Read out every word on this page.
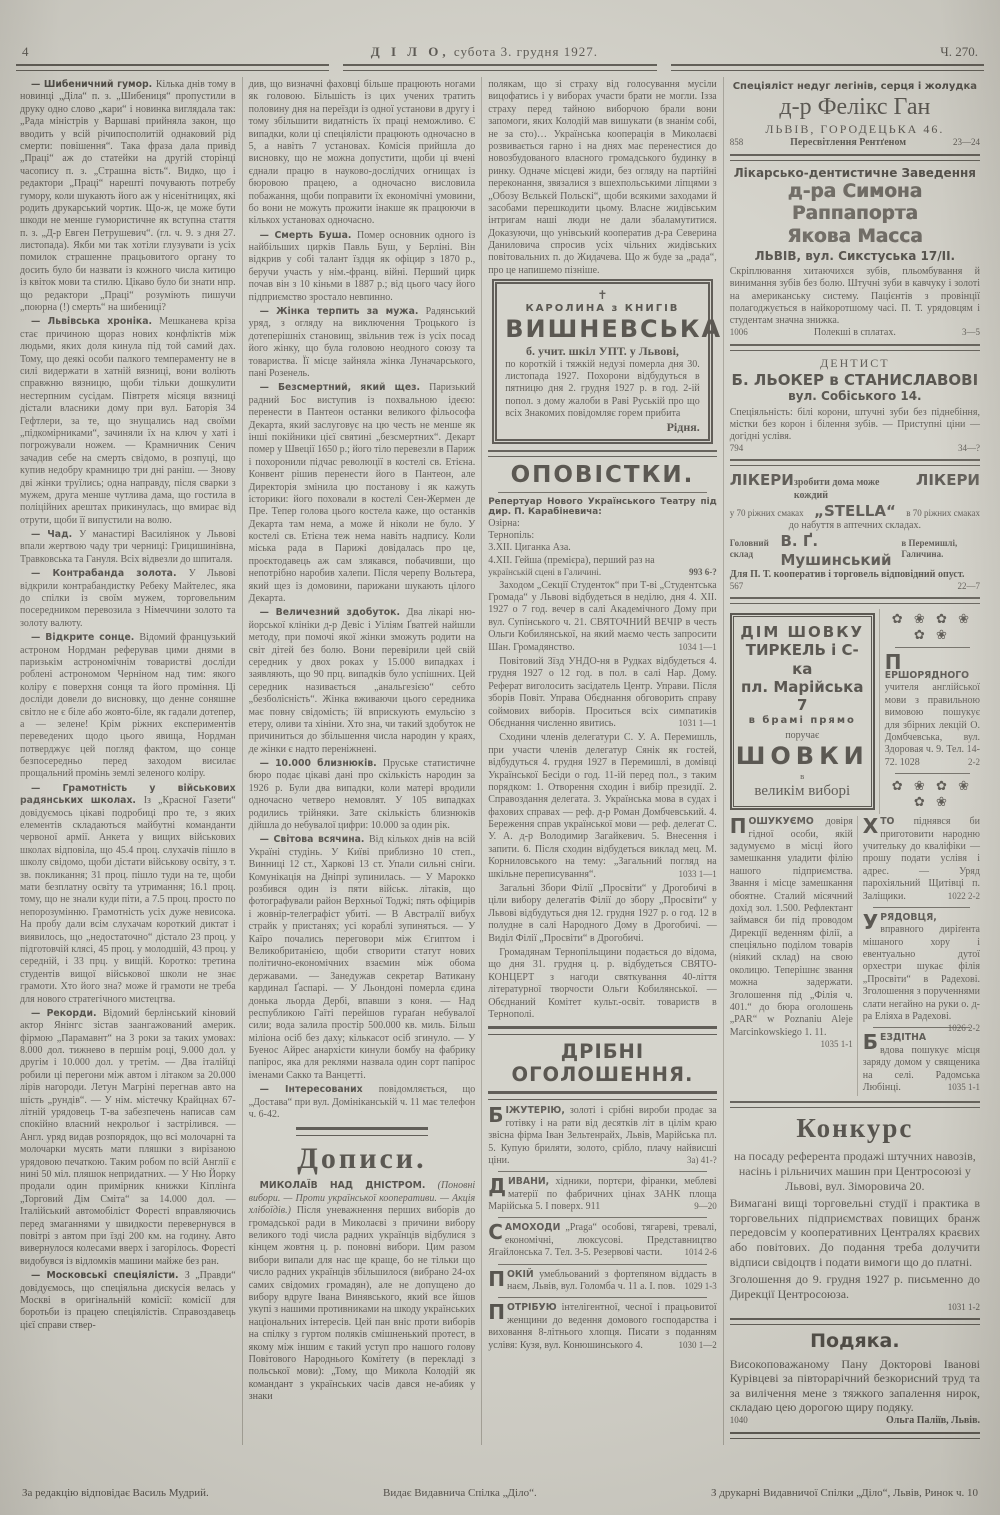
4	Д І Л О, субота 3. грудня 1927.	Ч. 270.

— Шибеничний гумор. Кілька днів тому в новинці „Діла“ п. з. „Шибениця“ пропустили в друку одно слово „кари“ і новинка виглядала так: „Рада міністрів у Варшаві прийняла закон, що вводить у всій річипосполитій однаковий рід смерти: повішення“. Така фраза дала привід „Праці“ аж до статейки на другій сторінці часопису п. з. „Страшна вість“. Видко, що і редактори „Праці“ нарешті почувають потребу гумору, коли шукають його аж у нісенітницях, які родить друкарський чортик. Що-ж, це може бути шкоди не менше гумористичне як вступна стаття п. з. „Д-р Евген Петрушевич“. (гл. ч. 9. з дня 27. листопада). Якби ми так хотіли глузувати із усіх помилок страшенне працьовитого органу то досить було би назвати із кожного числа китицю із квіток мови та стилю. Цікаво було би знати нпр. що редактори „Праці“ розуміють пишучи „поюрна (!) смерть“ на шибениці?

— Львівська хроніка. Мешканева кріза стає причиною щораз нових конфліктів між людьми, яких доля кинула під той самий дах. Тому, що деякі особи палкого темпераменту не в силі видержати в хатній вязниці, вони воліють справжню вязницю, щоби тільки дошкулити нестерпним сусідам. Півтретя місяця вязниці дістали власники дому при вул. Баторія 34 Гефтлери, за те, що знущались над своїми „підкомірниками“, зачиняли їх на ключ у хаті і погрожували ножем. — Крамничник Сенич зачадив себе на смерть свідомо, в розпуці, що купив недобру крамницю три дні раніш. — Знову дві жінки труїлись; одна направду, після сварки з мужем, друга менше чутлива дама, що гостила в поліційних арештах прикинулась, що вмирає від отрути, щоби її випустили на волю.

— Чад. У манастирі Василіянок у Львові впали жертвою чаду три черниці: Грицишинівна, Травковська та Гануля. Всіх відвезли до шпиталя.

— Контрабанда золота. У Львові відкрили контрабандистку Ребеку Майтелес, яка до спілки із своїм мужем, торговельним посередником перевозила з Німеччини золото та золоту валюту.

— Відкрите сонце. Відомий французький астроном Нордман реферував цими днями в паризькім астрономічнім товаристві досліди роблені астрономом Черніном над тим: якого коліру є поверхня сонця та його проміння. Ці досліди довели до висновку, що денне соняшне світло не є біле або жовто-біле, як гадали дотепер, а — зелене! Крім ріжних експериментів переведених щодо цього явища, Нордман потверджує цей погляд фактом, що сонце безпосередньо перед заходом висилає прощальний промінь землі зеленого коліру.

— Грамотність у військових радянських школах. Із „Красної Газети“ довідуємось цікаві подробиці про те, з яких елементів складаються майбутні команданти червоної армії. Анкета у вищих військових школах відповіла, що 45.4 проц. слухачів пішло в школу свідомо, щоби дістати військову освіту, з т. зв. покликання; 31 проц. пішло туди на те, щоби мати безплатну освіту та утримання; 16.1 проц. тому, що не знали куди піти, а 7.5 проц. просто по непорозумінню. Грамотність усіх дуже невисока. На пробу дали всім слухачам короткий диктат і виявилось, що „недостаточно“ дістало 23 проц. у підготовчій клясі, 45 проц. у молодшій, 43 проц. у середній, і 33 прц. у вищій. Коротко: третина студентів вищої військової школи не знає грамоти. Хто його зна? може й грамоти не треба для нового стратегічного мистецтва.

— Рекорди. Відомий берлінський кіновий актор Янінгс зістав заангажований америк. фірмою „Парамавнт“ на 3 роки за таких умовах: 8.000 дол. тижнево в першім році, 9.000 дол. у другім і 10.000 дол. у третім. — Два італійці робили ці перегони між автом і літаком за 20.000 лірів нагороди. Летун Магріні перегнав авто на шість „рундів“. — У нім. містечку Крайцнах 67-літній урядовець Т-ва забезпечень написав сам спокійно власний некрольоґ і застрілився. — Англ. уряд видав розпорядок, що всі молочарні та молочарки мусять мати пляшки з вирізаною урядовою печаткою. Таким робом по всій Англії є нині 50 міл. пляшок непридатних. — У Ню Йорку продали один примірник книжки Кіплінґа „Торговий Дім Сміта“ за 14.000 дол. — Італійський автомобіліст Форесті вправляючись перед змаганнями у швидкости перевернувся в повітрі з автом при їзді 200 км. на годину. Авто вивернулося колесами вверх і загорілось. Форесті видобувся із відломків машини майже без ран.

— Московські спеціялісти. З „Правди“ довідуємось, що спеціяльна дискусія велась у Москві в оригінальній комісії: комісії для боротьби із працею спеціялістів. Справоздавець цієї справи ствер-

див, що визначні фаховці більше працюють ногами як головою. Більшість із цих учених тратить половину дня на переїзди із одної установи в другу і тому збільшити видатність їх праці неможливо. Є випадки, коли ці спеціялісти працюють одночасно в 5, а навіть 7 установах. Комісія прийшла до висновку, що не можна допустити, щоби ці вчені єднали працю в науково-дослідчих огнищах із бюровою працею, а одночасно висловила побажання, щоби поправити їх економічні умовини, бо вони не можуть прожити інакше як працюючи в кількох установах одночасно.

— Смерть Буша. Помер основник одного із найбільших цирків Павль Буш, у Берліні. Він відкрив у собі талант їздця як офіцир з 1870 р., беручи участь у нім.-франц. війні. Перший цирк почав він з 10 кіньми в 1887 р.; від цього часу його підприємство зростало невпинно.

— Жінка терпить за мужа. Радянський уряд, з огляду на виключення Троцького із дотеперішніх становищ, звільнив теж із усіх посад його жінку, що була головою неодного союзу та товариства. Її місце зайняла жінка Луначарського, пані Розенель.

— Безсмертний, який щез. Паризький радний Бос виступив із похвальною ідеєю: перенести в Пантеон останки великого фільософа Декарта, який заслуговує на цю честь не менше як інші покійники цієї святині „безсмертних“. Декарт помер у Швеції 1650 р.; його тіло перевезли в Париж і похоронили підчас революції в костелі св. Етієна. Конвент рішив перенести його в Пантеон, але Директорія змінила цю постанову і як кажуть історики: його поховали в костелі Сен-Жермен де Пре. Тепер голова цього костела каже, що останків Декарта там нема, а може й ніколи не було. У костелі св. Етієна теж нема навіть надпису. Коли міська рада в Парижі довідалась про це, проєктодавець аж сам злякався, побачивши, що непотрібно наробив халепи. Після черепу Вольтера, який щез із домовини, парижани шукають цілого Декарта.

— Величезний здобуток. Два лікарі ню-йорської клініки д-р Девіс і Уіліям Ґватгей найшли методу, при помочі якої жінки зможуть родити на світ дітей без болю. Вони перевірили цей свій середник у двох роках у 15.000 випадках і заявляють, що 90 прц. випадків було успішних. Цей середник називається „анальгезією“ себто „безболісність“. Жінка вживаючи цього середника має повну свідомість; їй вприскують емульсію з етеру, оливи та хініни. Хто зна, чи такий здобуток не причиниться до збільшення числа народин у краях, де жінки є надто переніжнені.

— 10.000 близнюків. Пруське статистичне бюро подає цікаві дані про скількість народин за 1926 р. Були два випадки, коли матері вродили одночасно четверо немовлят. У 105 випадках родились трійняки. Зате скількість близнюків дійшла до небувалої цифри: 10.000 за один рік.

— Світова всячина. Від кількох днів на всій Україні студінь. У Київі приблизно 10 степ., Винниці 12 ст., Харкові 13 ст. Упали сильні сніги. Комунікація на Дніпрі зупинилась. — У Марокко розбився один із пяти військ. літаків, що фотографували район Верхньої Тоджі; пять офіцирів і жовнір-телеграфіст убиті. — В Австралії вибух страйк у пристанях; усі кораблі зупиняться. — У Каїро почались переговори між Єгиптом і Великобританією, щоби створити статут нових політично-економічних взаємин між обома державами. — Занедужав секретар Ватикану кардинал Ґаспарі. — У Льондоні померла єдина донька льорда Дербі, впавши з коня. — Над республикою Гаїті перейшов гураґан небувалої сили; вода залила простір 500.000 кв. миль. Більш міліона осіб без даху; кількасот осіб згинуло. — У Буенос Айрес анархісти кинули бомбу на фабрику папірос, яка для реклями назвала один сорт папірос іменами Сакко та Ванцетті.

— Інтересованих повідомляється, що „Достава“ при вул. Домініканській ч. 11 має телефон ч. 6-42.

Дописи.

МИКОЛАЇВ НАД ДНІСТРОМ. (Поновні вибори. — Проти української кооперативи. — Акція хлібоїдів.) Після уневажнення перших виборів до громадської ради в Миколаєві з причини вибору великого тоді числа радних українців відбулися з кінцем жовтня ц. р. поновні вибори. Цим разом вибори випали для нас ще краще, бо не тільки що число радних українців збільшилося (вибрано 24-ох самих свідомих громадян), але не допущено до вибору вдруге Івана Винявського, який все йшов укупі з нашими противниками на шкоду українських національних інтересів. Цей пан вніс проти виборів на спілку з гуртом поляків смішненький протест, в якому між іншим є такий уступ про нашого голову Повітового Народнього Комітету (в перекладі з польської мови): „Тому, що Микола Колодій як командант з українських часів дався не-абияк у знаки

полякам, що зі страху від голосування мусіли вицофатись і у виборах участи брати не могли. Ізза страху перед тайною виборчою брали вони запомоги, яких Колодій мав вишукати (в знанім собі, не за сто)… Українська кооперація в Миколаєві розвивається гарно і на днях має перенестися до новозбудованого власного громадського будинку в ринку. Одначе місцеві жиди, без огляду на партійні переконання, звязалися з вшехпольськими ліпцями з „Обозу Вєлькєй Польскі“, щоби всякими заходами й засобами перешкодити цьому. Власне жидівським інтригам наші люди не дали збаламутитися. Доказуючи, що унівський кооператив д-ра Северина Даниловича спросив усіх чільних жидівських повітовальних п. до Жидачева. Що ж буде за „рада“, про це напишемо пізніше.

✝
КАРОЛИНА з КНИГІВ
ВИШНЕВСЬКА
б. учит. шкіл УПТ. у Львові,
по короткій і тяжкій недузі померла дня 30. листопада 1927. Похорони відбудуться в пятницю дня 2. грудня 1927 р. в год. 2-ій попол. з дому жалоби в Раві Руській про що всіх Знакомих повідомляє горем прибита
Рідня.
ОПОВІСТКИ.
Репертуар Нового Українського Театру під дир. П. Карабіневича:
Озірна:
Тернопіль:
3.XII. Циганка Аза.
4.XII. Гейша (премієра), перший раз на
українській сцені в Галичині.	993 6-?

Заходом „Секції Студенток“ при Т-ві „Студентська Громада“ у Львові відбудеться в неділю, дня 4. XII. 1927 о 7 год. вечер в салі Академічного Дому при вул. Супінського ч. 21. СВЯТОЧНИЙ ВЕЧІР в честь Ольги Кобилянської, на який маємо честь запросити Шан. Громадянство.	1034 1—1

Повітовий Зїзд УНДО-ня в Рудках відбудеться 4. грудня 1927 о 12 год. в пол. в салі Нар. Дому. Реферат виголосить засідатель Центр. Управи. Після зборів Повіт. Управа Обєднання обговорить справу соймових виборів. Проситься всіх симпатиків Обєднання численно явитись.	1031 1—1

Сходини членів делегатури С. У. А. Перемишль, при участи членів делегатур Сянік як гостей, відбудуться 4. грудня 1927 в Перемишлі, в домівці Української Бесіди о год. 11-ій перед пол., з таким порядком: 1. Отворення сходин і вибір президії. 2. Справоздання делегата. 3. Українська мова в судах і фахових справах — реф. д-р Роман Домбчевський. 4. Береження справ української мови — реф. делегат С. У. А. д-р Володимир Загайкевич. 5. Внесення і запити. 6. Після сходин відбудеться виклад мец. М. Корниловського на тему: „Загальний погляд на шкільне переписування“.	1033 1—1

Загальні Збори Філії „Просвіти“ у Дрогобичі в ціли вибору делегатів Філії до збору „Просвіти“ у Львові відбудуться дня 12. грудня 1927 р. о год. 12 в полудне в салі Народного Дому в Дрогобичі. — Виділ Філії „Просвіти“ в Дрогобичі.

Громадянам Тернопільщини подається до відома, що дня 31. грудня ц. р. відбудеться СВЯТО-КОНЦЕРТ з нагоди святкування 40-ліття літературної творчости Ольги Кобилянської. — Обєднаний Комітет культ.-освіт. товариств в Тернополі.

ДРІБНІ ОГОЛОШЕННЯ.

БІЖУТЕРІЮ, золоті і срібні вироби продає за готівку і на рати від десятків літ в цілім краю звісна фірма Іван Зельтенрайх, Львів, Марійська пл. 5. Купую бриляти, золото, срібло, плачу найвисші ціни.	3а) 41-?

ДИВАНИ, хідники, портєри, фіранки, меблеві матерії по фабричних цінах ЗАНК площа Марійська 5. І поверх. 911	9—20

САМОХОДИ „Praga“ особові, тягареві, тревалі, економічні, люксусові. Представництво Ягайлонська 7. Тел. 3-5. Резервові части.	1014 2-6

ПОКІЙ умебльований з фортепяном віддасть в наєм, Львів, вул. Голомба ч. 11 а. І. пов.	1029 1-3

ПОТРІБУЮ інтелігентної, чесної і працьовитої женщини до ведення домового господарства і виховання 8-літнього хлопця. Писати з поданням услівя: Кузя, вул. Конюшинського 4.	1030 1—2

Спеціяліст недуг легінів, серця і жолудка
д-р Фелікс Ган
ЛЬВІВ, ГОРОДЕЦЬКА 46.
858	Пересвітлення Рентґеном	23—24
Лікарсько-дентистичне Заведення
д-ра Симона Раппапорта
Якова Масса
ЛЬВІВ, вул. Сикстуська 17/ІІ.
Скріплювання хитаючихся зубів, пльомбування й винимання зубів без болю. Штучні зуби в кавчуку і золоті на американську систему. Пацієнтів з провінції полагоджується в найкоротшому часі. П. Т. урядовцям і студентам значна знижка.
1006	Полекші в сплатах.	3—5
ДЕНТИСТ
Б. ЛЬОКЕР в СТАНИСЛАВОВІ
вул. Собіського 14.
Спеціяльність: білі корони, штучні зуби без піднебіння, містки без корон і білення зубів. — Приступні ціни — догідні услівя.
794	34—?
ЛІКЕРИ зробити дома може кождий
ЛІКЕРИ
у 70 ріжних смаках „STELLA“ в 70 ріжних смаках
до набуття в аптечних складах.
Головний склад
В. Ґ. Мушинський
в Перемишлі, Галичина.
Для П. Т. кооператив і торговель відповідний опуст.
567	22—7
ДІМ ШОВКУ
ТИРКЕЛЬ і С-ка
пл. Марійська 7
в брамі прямо
поручає
ШОВКИ
в
великім виборі
✿ ❀ ✿ ❀ ✿ ❀

П
ЕРШОРЯДНОГО учителя англійської мови з правильною вимовою пошукує для збірних лекцій О. Домбчевська, вул. Здоровая ч. 9. Тел. 14-72. 1028	2-2

✿ ❀ ✿ ❀ ✿ ❀

ПОШУКУЄМО довіря гідної особи, якій задумуємо в місці його замешкання уладити філію нашого підприємства. Звання і місце замешкання обоятне. Сталий місячний дохід зол. 1.500. Рефлектант займався би під проводом Дирекції веденням філії, а спеціяльно поділом товарів (ніякий склад) на свою околицю. Теперішнє звання можна задержати. Зголошення під „Філія ч. 401.“ до бюра оголошень „PAR“ w Poznaniu Aleje Marcinkowskiego 1. 11.
1035 1-1

ХТО піднявся би приготовити народню учительку до кваліфіки — прошу подати услівя і адрес. — Уряд парохіяльний Щитівці п. Заліщики.	1022 2-2

УРЯДОВЦЯ, вправного диріґента мішаного хору і евентуально дутої орхестри шукає філія „Просвіти“ в Радехові. Зголошення з порученнями слати негайно на руки о. д-ра Еліяха в Радехові.
1026 2-2

БЕЗДІТНА вдова пошукує місця заряду домом у священика на селі. Радомська Любінці.	1035 1-1

Конкурс
на посаду референта продажі штучних навозів, насінь і рільничих машин при Центросоюзі у Львові, вул. Зіморовича 20.
Вимагані вищі торговельні студії і практика в торговельних підприємствах повищих бранж передовсім у кооперативних Централях краєвих або повітових. До подання треба долучити відписи свідоцтв і подати вимоги що до платні.
Зголошення до 9. грудня 1927 р. письменно до Дирекції Центросоюза.
1031 1-2
Подяка.
Високоповажаному Пану Докторові Іванові Курівцеві за півторарічний безкорисний труд та за вилічення мене з тяжкого запалення нирок, складаю цею дорогою щиру подяку.
1040	Ольга Паліїв, Львів.
За редакцію відповідає Василь Мудрий.	Видає Видавнича Спілка „Діло“.	З друкарні Видавничої Спілки „Діло“, Львів, Ринок ч. 10
